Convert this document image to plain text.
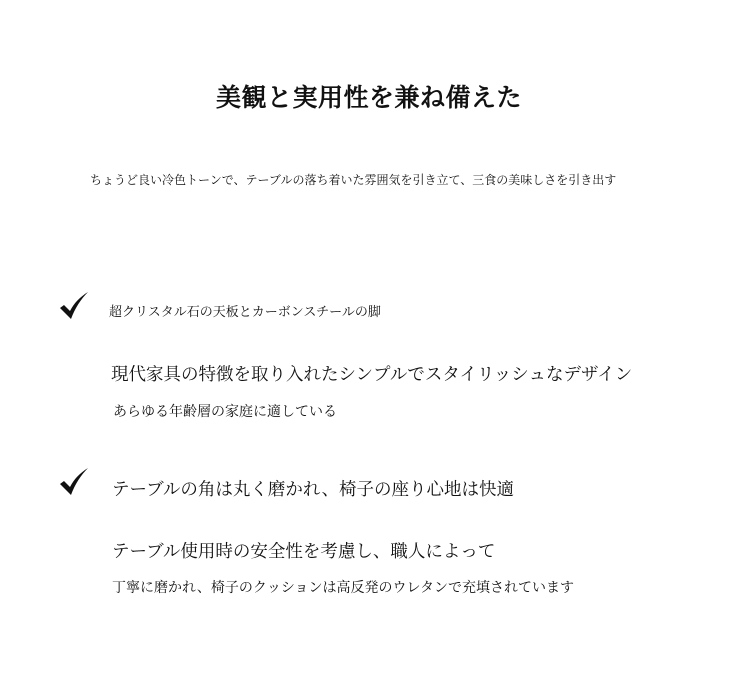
美観と実用性を兼ね備えた

ちょうど良い冷色トーンで、テーブルの落ち着いた雰囲気を引き立て、三食の美味しさを引き出す

超クリスタル石の天板とカーボンスチールの脚

現代家具の特徴を取り入れたシンプルでスタイリッシュなデザイン

あらゆる年齢層の家庭に適している

テーブルの角は丸く磨かれ、椅子の座り心地は快適

テーブル使用時の安全性を考慮し、職人によって

丁寧に磨かれ、椅子のクッションは高反発のウレタンで充填されています
